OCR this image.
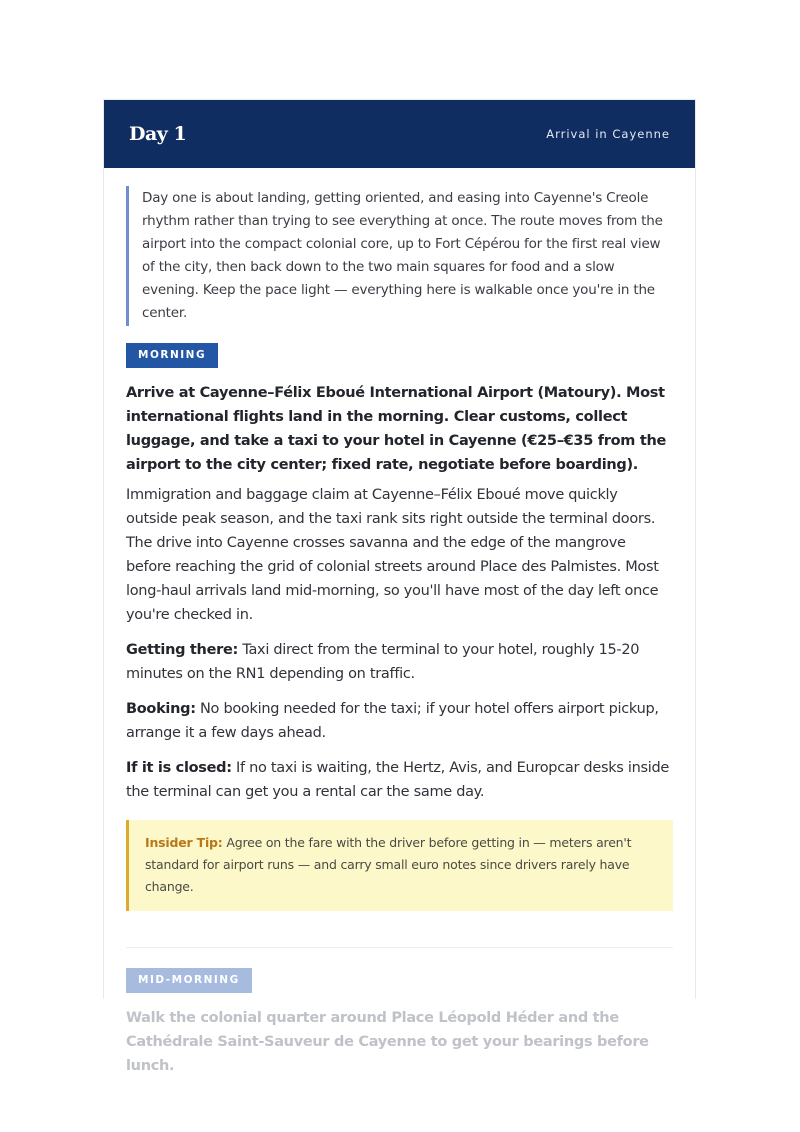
Day 1	Arrival in Cayenne
Day one is about landing, getting oriented, and easing into Cayenne's Creole rhythm rather than trying to see everything at once. The route moves from the airport into the compact colonial core, up to Fort Cépérou for the first real view of the city, then back down to the two main squares for food and a slow evening. Keep the pace light — everything here is walkable once you're in the center.
MORNING
Arrive at Cayenne–Félix Eboué International Airport (Matoury). Most international flights land in the morning. Clear customs, collect luggage, and take a taxi to your hotel in Cayenne (€25–€35 from the airport to the city center; fixed rate, negotiate before boarding).
Immigration and baggage claim at Cayenne–Félix Eboué move quickly outside peak season, and the taxi rank sits right outside the terminal doors. The drive into Cayenne crosses savanna and the edge of the mangrove before reaching the grid of colonial streets around Place des Palmistes. Most long-haul arrivals land mid-morning, so you'll have most of the day left once you're checked in.
Getting there: Taxi direct from the terminal to your hotel, roughly 15-20 minutes on the RN1 depending on traffic.
Booking: No booking needed for the taxi; if your hotel offers airport pickup, arrange it a few days ahead.
If it is closed: If no taxi is waiting, the Hertz, Avis, and Europcar desks inside the terminal can get you a rental car the same day.
Insider Tip: Agree on the fare with the driver before getting in — meters aren't standard for airport runs — and carry small euro notes since drivers rarely have change.
MID-MORNING
Walk the colonial quarter around Place Léopold Héder and the Cathédrale Saint-Sauveur de Cayenne to get your bearings before lunch.
